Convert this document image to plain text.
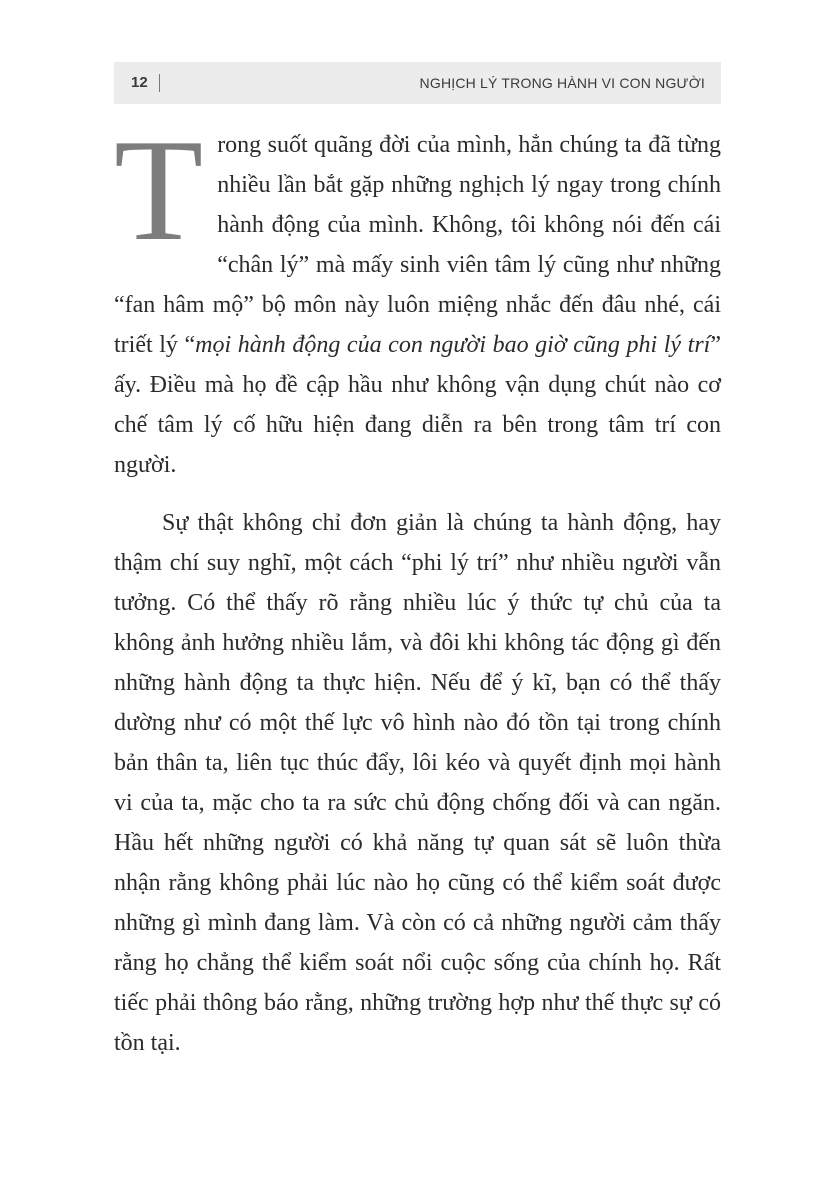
12	NGHỊCH LÝ TRONG HÀNH VI CON NGƯỜI

Trong suốt quãng đời của mình, hẳn chúng ta đã từng nhiều lần bắt gặp những nghịch lý ngay trong chính hành động của mình. Không, tôi không nói đến cái “chân lý” mà mấy sinh viên tâm lý cũng như những “fan hâm mộ” bộ môn này luôn miệng nhắc đến đâu nhé, cái triết lý “mọi hành động của con người bao giờ cũng phi lý trí” ấy. Điều mà họ đề cập hầu như không vận dụng chút nào cơ chế tâm lý cố hữu hiện đang diễn ra bên trong tâm trí con người.

Sự thật không chỉ đơn giản là chúng ta hành động, hay thậm chí suy nghĩ, một cách “phi lý trí” như nhiều người vẫn tưởng. Có thể thấy rõ rằng nhiều lúc ý thức tự chủ của ta không ảnh hưởng nhiều lắm, và đôi khi không tác động gì đến những hành động ta thực hiện. Nếu để ý kĩ, bạn có thể thấy dường như có một thế lực vô hình nào đó tồn tại trong chính bản thân ta, liên tục thúc đẩy, lôi kéo và quyết định mọi hành vi của ta, mặc cho ta ra sức chủ động chống đối và can ngăn. Hầu hết những người có khả năng tự quan sát sẽ luôn thừa nhận rằng không phải lúc nào họ cũng có thể kiểm soát được những gì mình đang làm. Và còn có cả những người cảm thấy rằng họ chẳng thể kiểm soát nổi cuộc sống của chính họ. Rất tiếc phải thông báo rằng, những trường hợp như thế thực sự có tồn tại.
